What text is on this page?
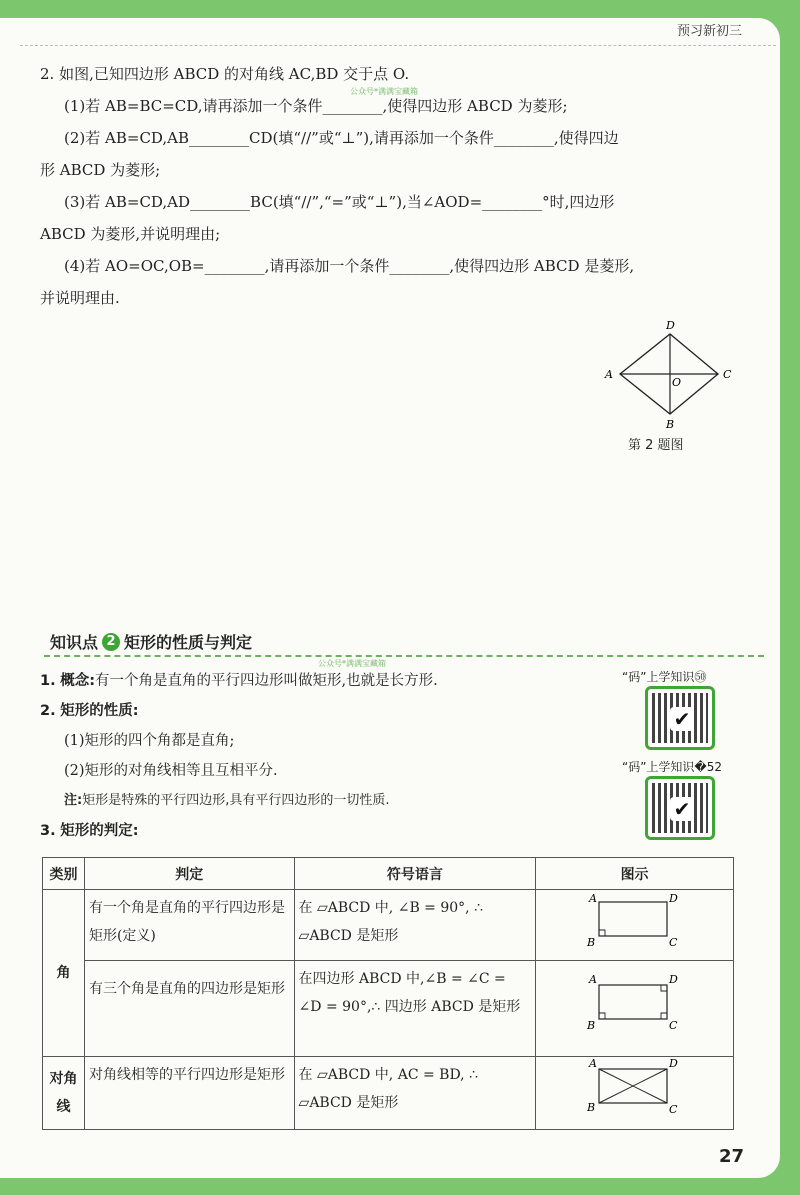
预习新初三
公众号*满满宝藏箱

2. 如图,已知四边形 ABCD 的对角线 AC,BD 交于点 O.

(1)若 AB=BC=CD,请再添加一个条件________,使得四边形 ABCD 为菱形;

(2)若 AB=CD,AB________CD(填“//”或“⊥”),请再添加一个条件________,使得四边

形 ABCD 为菱形;

(3)若 AB=CD,AD________BC(填“//”,“=”或“⊥”),当∠AOD=________°时,四边形

ABCD 为菱形,并说明理由;

(4)若 AO=OC,OB=________,请再添加一个条件________,使得四边形 ABCD 是菱形,

并说明理由.

D
A	C
B
O
第 2 题图
知识点 2 矩形的性质与判定
公众号*满满宝藏箱

1. 概念:有一个角是直角的平行四边形叫做矩形,也就是长方形.

2. 矩形的性质:

(1)矩形的四个角都是直角;

(2)矩形的对角线相等且互相平分.

注:矩形是特殊的平行四边形,具有平行四边形的一切性质.

3. 矩形的判定:

“码”上学知识㊿
✔
“码”上学知识�52
✔
类别	判定	符号语言	图示
角	有一个角是直角的平行四边形是矩形(定义)	在 ▱ABCD 中, ∠B = 90°, ∴ ▱ABCD 是矩形	A D
B C

	有三个角是直角的四边形是矩形	在四边形 ABCD 中,∠B = ∠C = ∠D = 90°,∴ 四边形 ABCD 是矩形	A D
B C

对角线	对角线相等的平行四边形是矩形	在 ▱ABCD 中, AC = BD, ∴ ▱ABCD 是矩形	A D
B C
27
